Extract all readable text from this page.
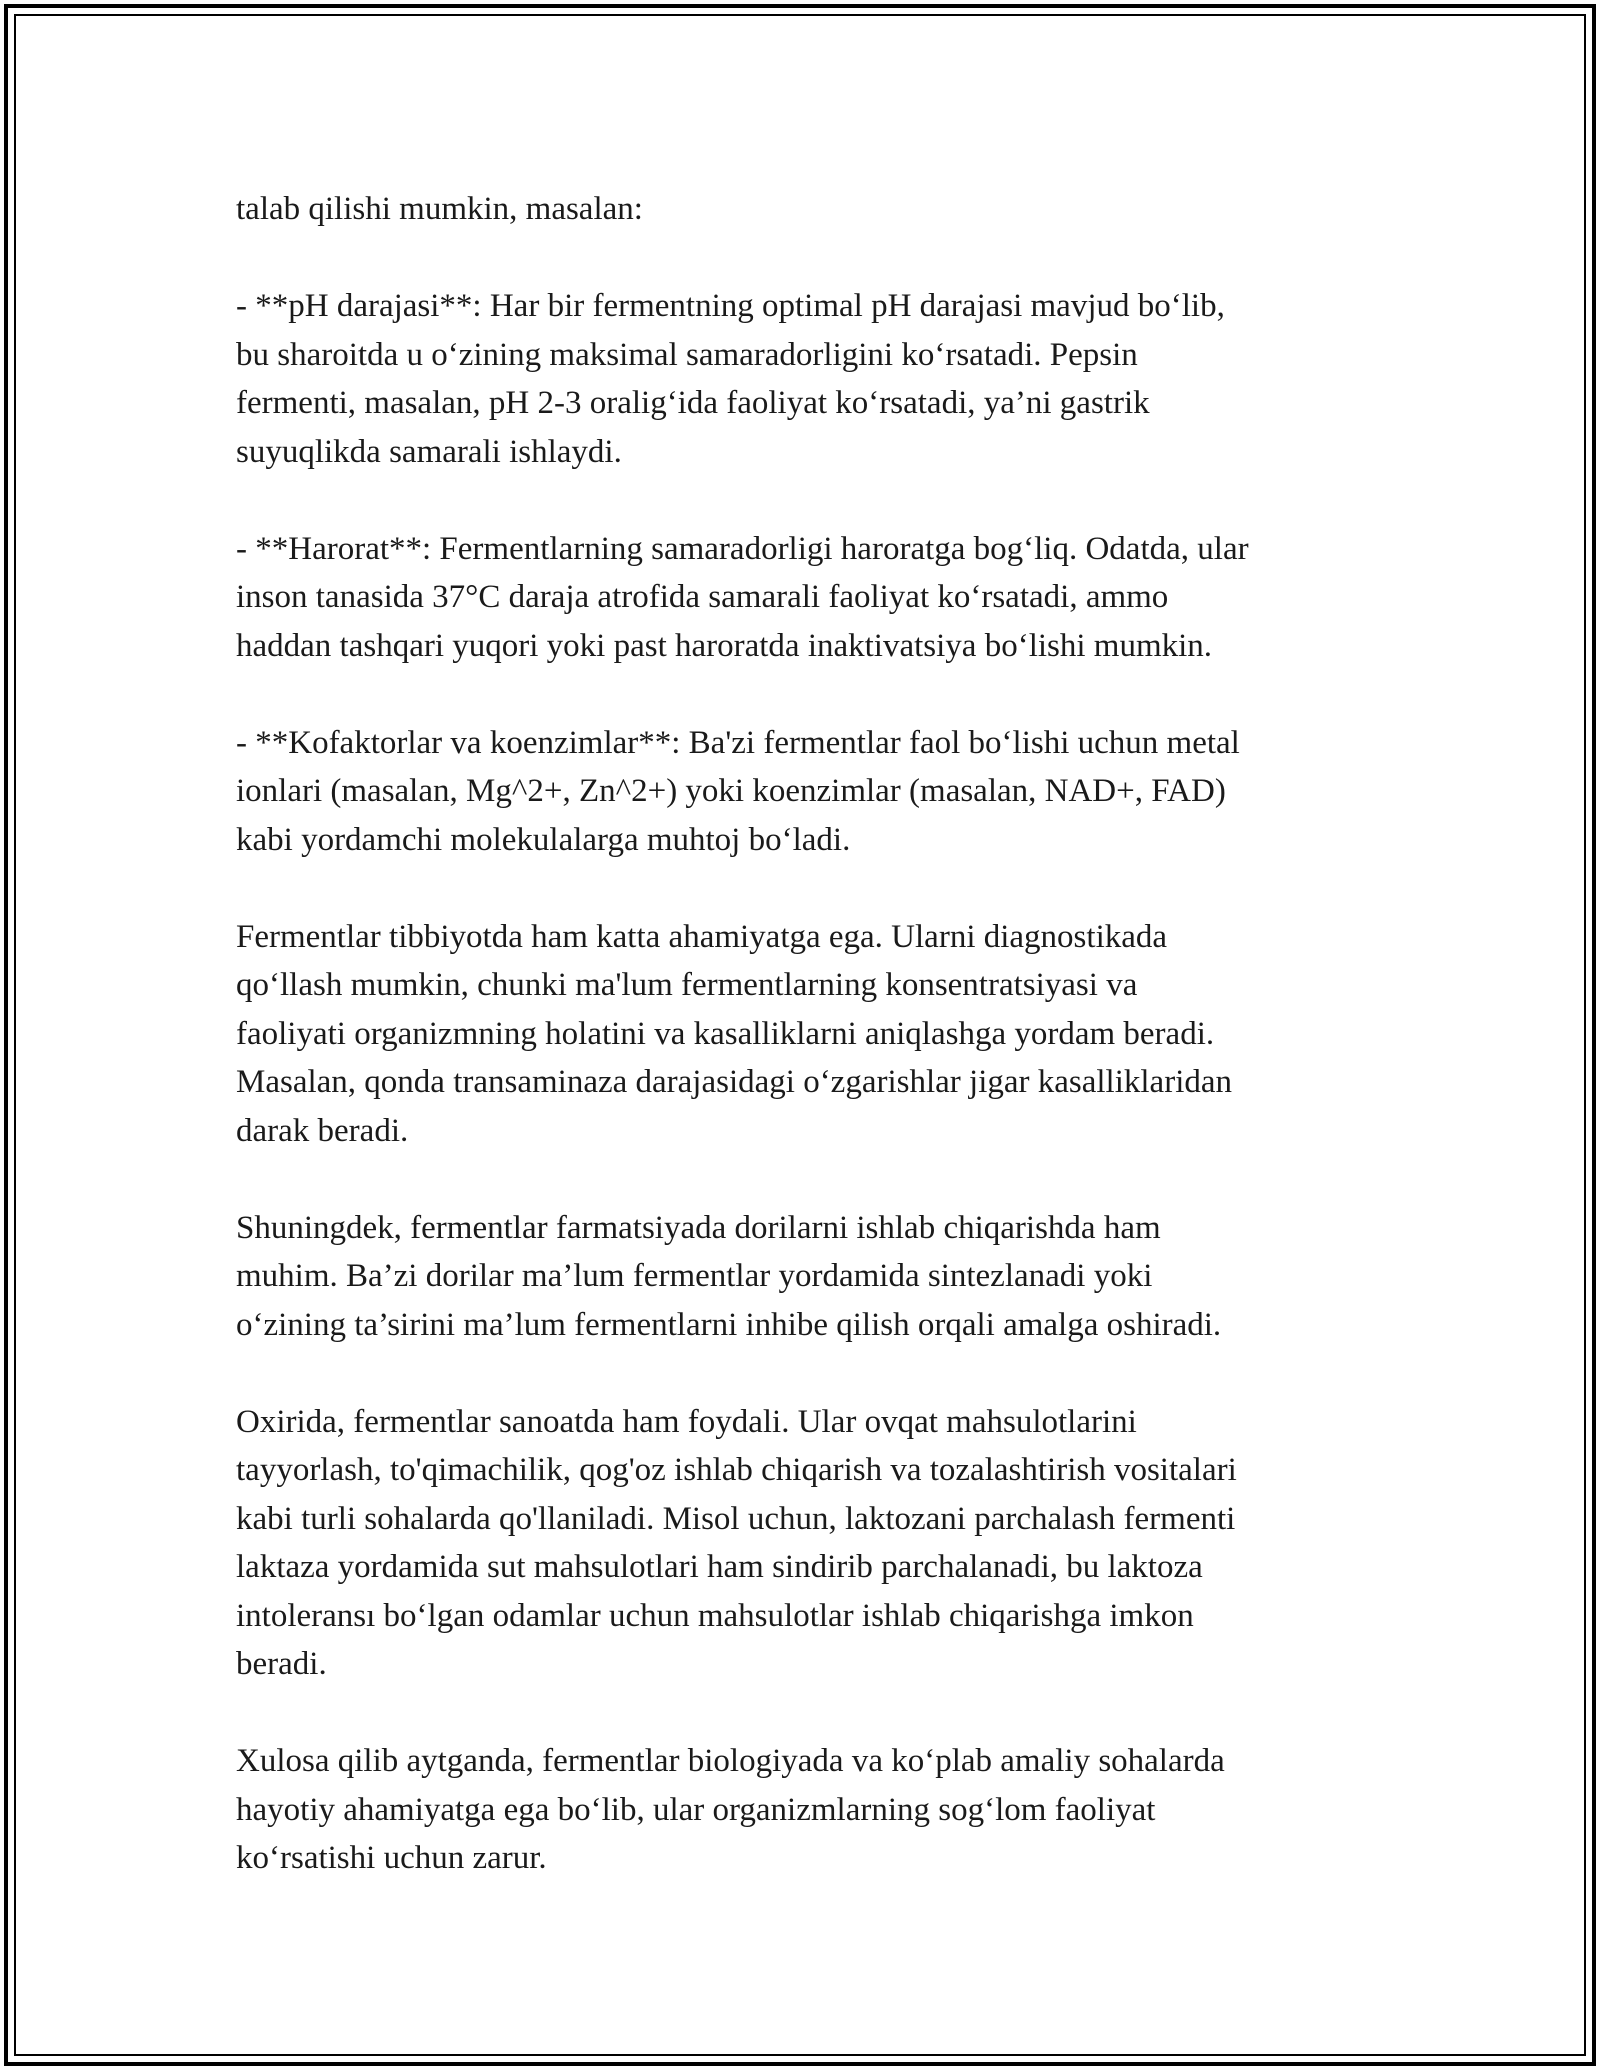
talab qilishi mumkin, masalan:

- **pH darajasi**: Har bir fermentning optimal pH darajasi mavjud bo‘lib,
bu sharoitda u o‘zining maksimal samaradorligini ko‘rsatadi. Pepsin
fermenti, masalan, pH 2-3 oralig‘ida faoliyat ko‘rsatadi, ya’ni gastrik
suyuqlikda samarali ishlaydi.

- **Harorat**: Fermentlarning samaradorligi haroratga bog‘liq. Odatda, ular
inson tanasida 37°C daraja atrofida samarali faoliyat ko‘rsatadi, ammo
haddan tashqari yuqori yoki past haroratda inaktivatsiya bo‘lishi mumkin.

- **Kofaktorlar va koenzimlar**: Ba'zi fermentlar faol bo‘lishi uchun metal
ionlari (masalan, Mg^2+, Zn^2+) yoki koenzimlar (masalan, NAD+, FAD)
kabi yordamchi molekulalarga muhtoj bo‘ladi.

Fermentlar tibbiyotda ham katta ahamiyatga ega. Ularni diagnostikada
qo‘llash mumkin, chunki ma'lum fermentlarning konsentratsiyasi va
faoliyati organizmning holatini va kasalliklarni aniqlashga yordam beradi.
Masalan, qonda transaminaza darajasidagi o‘zgarishlar jigar kasalliklaridan
darak beradi.

Shuningdek, fermentlar farmatsiyada dorilarni ishlab chiqarishda ham
muhim. Ba’zi dorilar ma’lum fermentlar yordamida sintezlanadi yoki
o‘zining ta’sirini ma’lum fermentlarni inhibe qilish orqali amalga oshiradi.

Oxirida, fermentlar sanoatda ham foydali. Ular ovqat mahsulotlarini
tayyorlash, to'qimachilik, qog'oz ishlab chiqarish va tozalashtirish vositalari
kabi turli sohalarda qo'llaniladi. Misol uchun, laktozani parchalash fermenti
laktaza yordamida sut mahsulotlari ham sindirib parchalanadi, bu laktoza
intoleransı bo‘lgan odamlar uchun mahsulotlar ishlab chiqarishga imkon
beradi.

Xulosa qilib aytganda, fermentlar biologiyada va ko‘plab amaliy sohalarda
hayotiy ahamiyatga ega bo‘lib, ular organizmlarning sog‘lom faoliyat
ko‘rsatishi uchun zarur.
